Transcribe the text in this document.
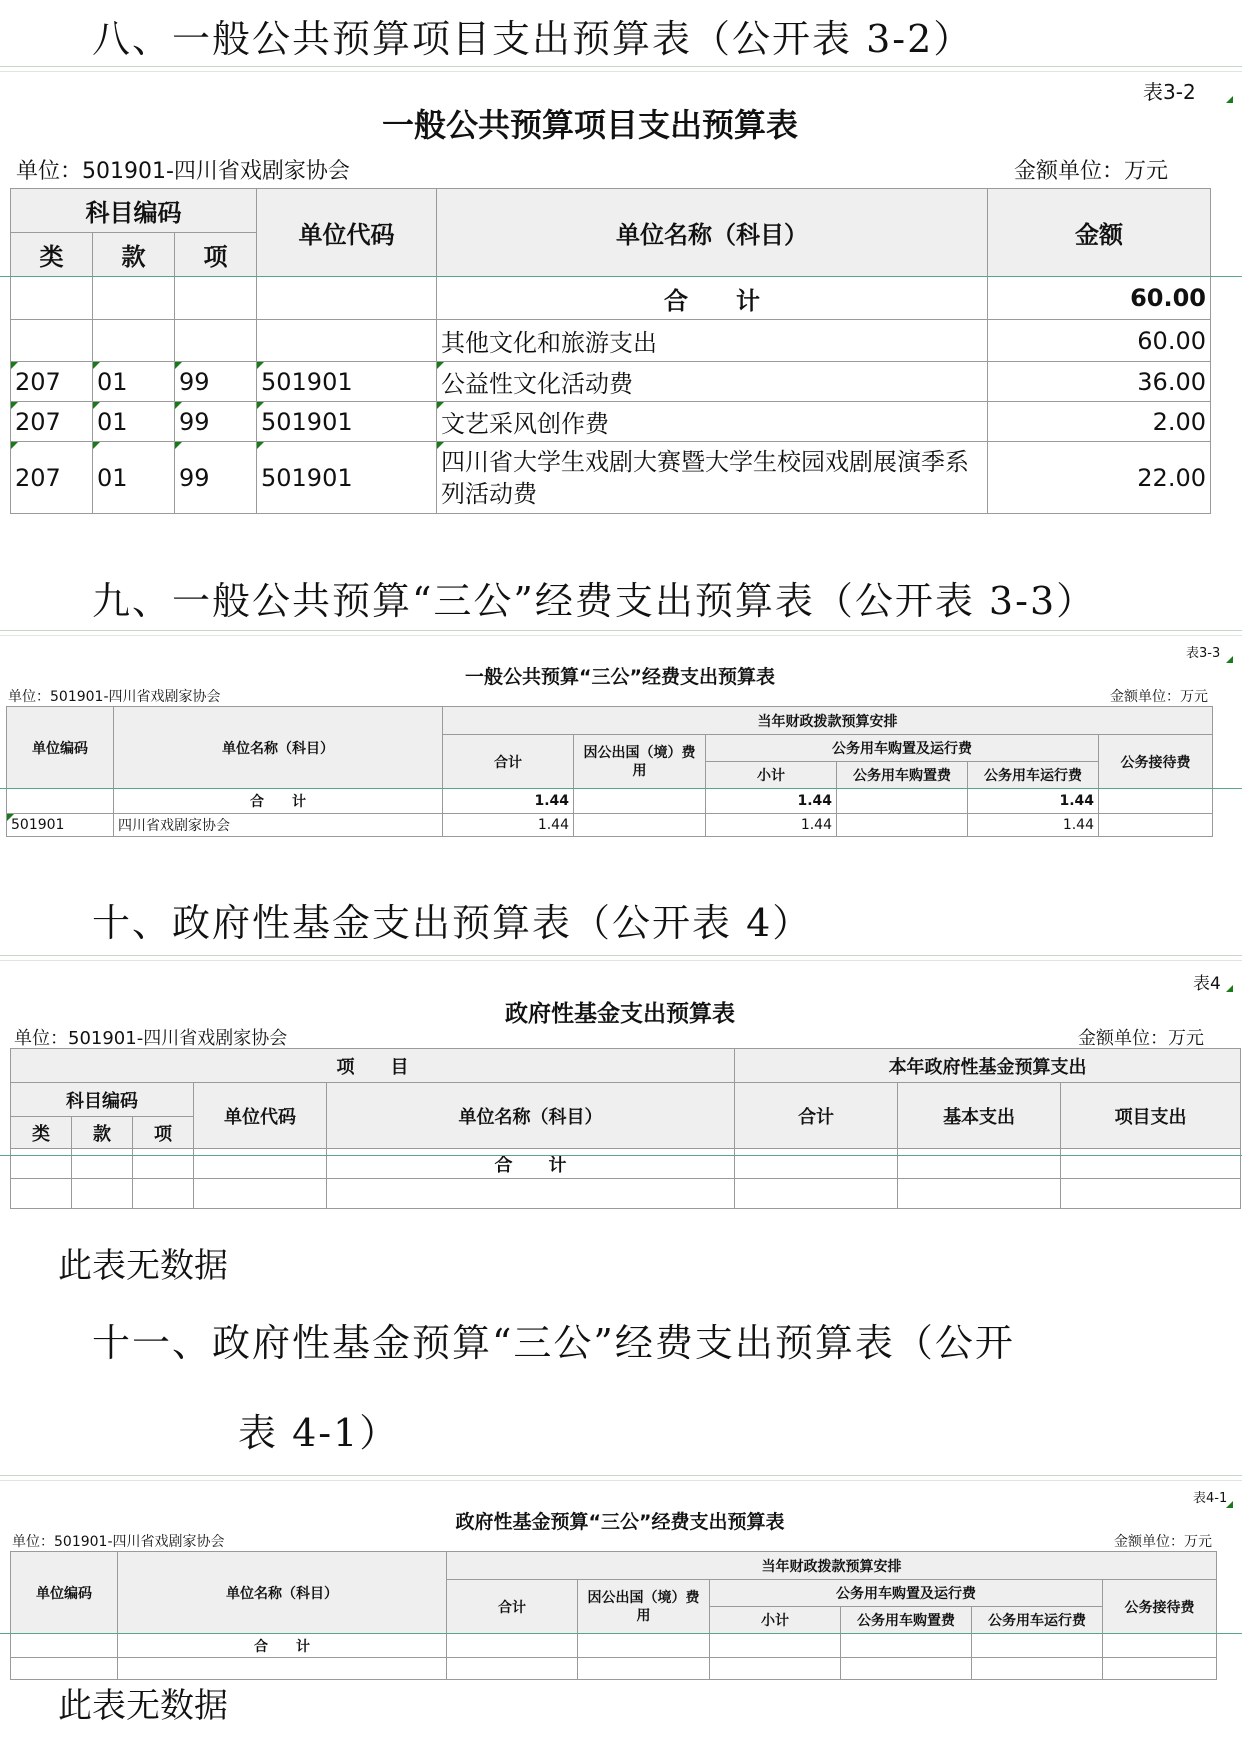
八、一般公共预算项目支出预算表（公开表 3-2）
表3-2
一般公共预算项目支出预算表
单位：501901-四川省戏剧家协会	金额单位：万元
科目编码			单位代码	单位名称（科目）	金额
类	款	项			
				合　　计	60.00
				其他文化和旅游支出	60.00
207	01	99	501901	公益性文化活动费	36.00
207	01	99	501901	文艺采风创作费	2.00
207	01	99	501901	四川省大学生戏剧大赛暨大学生校园戏剧展演季系列活动费	22.00
九、一般公共预算“三公”经费支出预算表（公开表 3-3）
表3-3
一般公共预算“三公”经费支出预算表
单位：501901-四川省戏剧家协会	金额单位：万元
单位编码	单位名称（科目）	当年财政拨款预算安排					
		合计	因公出国（境）费用	公务用车购置及运行费			公务接待费
				小计	公务用车购置费	公务用车运行费	
	合　　计	1.44		1.44		1.44	
501901	四川省戏剧家协会	1.44		1.44		1.44	
十、政府性基金支出预算表（公开表 4）
表4
政府性基金支出预算表
单位：501901-四川省戏剧家协会	金额单位：万元
项　　目					本年政府性基金预算支出		
科目编码			单位代码	单位名称（科目）	合计	基本支出	项目支出
类	款	项					
				合　　计			

此表无数据
十一、政府性基金预算“三公”经费支出预算表（公开
表 4-1）
表4-1
政府性基金预算“三公”经费支出预算表
单位：501901-四川省戏剧家协会	金额单位：万元
单位编码	单位名称（科目）	当年财政拨款预算安排					
		合计	因公出国（境）费用	公务用车购置及运行费			公务接待费
				小计	公务用车购置费	公务用车运行费	
	合　　计						

此表无数据
